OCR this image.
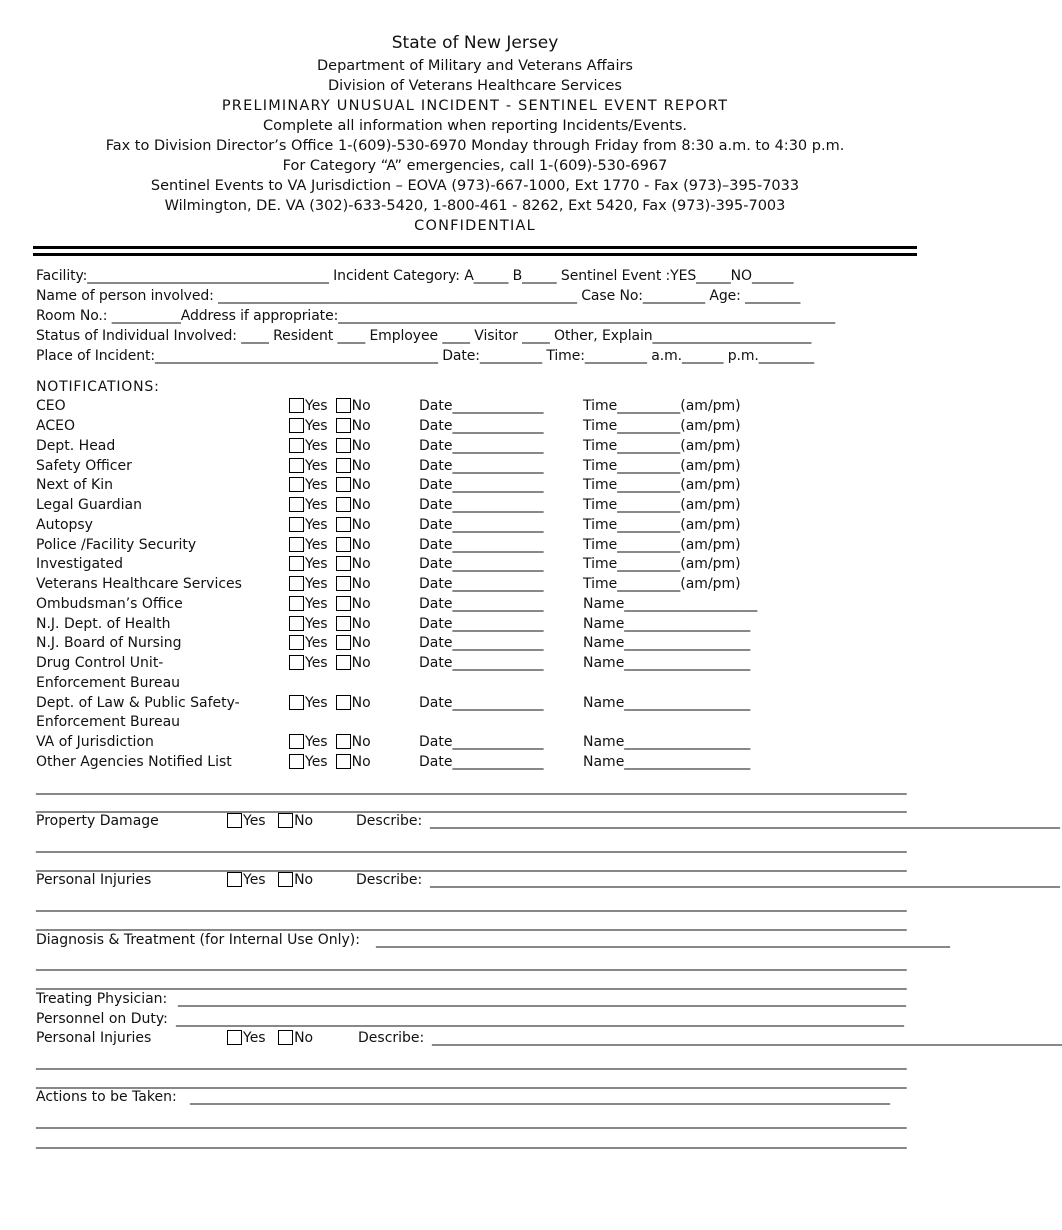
State of New Jersey
Department of Military and Veterans Affairs
Division of Veterans Healthcare Services
PRELIMINARY UNUSUAL INCIDENT - SENTINEL EVENT REPORT
Complete all information when reporting Incidents/Events.
Fax to Division Director’s Office 1-(609)-530-6970 Monday through Friday from 8:30 a.m. to 4:30 p.m.
For Category “A” emergencies, call 1-(609)-530-6967
Sentinel Events to VA Jurisdiction – EOVA (973)-667-1000, Ext 1770 - Fax (973)–395-7033
Wilmington, DE. VA (302)-633-5420, 1-800-461 - 8262, Ext 5420, Fax (973)-395-7003
CONFIDENTIAL
Facility:___________________________________ Incident Category: A_____ B_____ Sentinel Event :YES_____NO______
Name of person involved: ____________________________________________________ Case No:_________ Age: ________
Room No.: __________Address if appropriate:________________________________________________________________________
Status of Individual Involved: ____ Resident ____ Employee ____ Visitor ____ Other, Explain_______________________
Place of Incident:_________________________________________ Date:_________ Time:_________ a.m.______ p.m.________
NOTIFICATIONS:
CEO	Yes No	Date_____________	Time_________(am/pm)
ACEO	Yes No	Date_____________	Time_________(am/pm)
Dept. Head	Yes No	Date_____________	Time_________(am/pm)
Safety Officer	Yes No	Date_____________	Time_________(am/pm)
Next of Kin	Yes No	Date_____________	Time_________(am/pm)
Legal Guardian	Yes No	Date_____________	Time_________(am/pm)
Autopsy	Yes No	Date_____________	Time_________(am/pm)
Police /Facility Security	Yes No	Date_____________	Time_________(am/pm)
Investigated	Yes No	Date_____________	Time_________(am/pm)
Veterans Healthcare Services	Yes No	Date_____________	Time_________(am/pm)
Ombudsman’s Office	Yes No	Date_____________	Name___________________
N.J. Dept. of Health	Yes No	Date_____________	Name__________________
N.J. Board of Nursing	Yes No	Date_____________	Name__________________
Drug Control Unit-	Yes No	Date_____________	Name__________________
Enforcement Bureau
Dept. of Law & Public Safety-	Yes No	Date_____________	Name__________________
Enforcement Bureau
VA of Jurisdiction	Yes No	Date_____________	Name__________________
Other Agencies Notified List	Yes No	Date_____________	Name__________________
________________________________________________________________________________________________________________________________
________________________________________________________________________________________________________________________________
Property Damage	Yes No	Describe: __________________________________________________________________________________________
________________________________________________________________________________________________________________________________
________________________________________________________________________________________________________________________________
Personal Injuries	Yes No	Describe: __________________________________________________________________________________________
________________________________________________________________________________________________________________________________
________________________________________________________________________________________________________________________________
Diagnosis & Treatment (for Internal Use Only): __________________________________________________________________________________
________________________________________________________________________________________________________________________________
________________________________________________________________________________________________________________________________
Treating Physician: ________________________________________________________________________________________________________
Personnel on Duty: ________________________________________________________________________________________________________
Personal Injuries	Yes No	Describe: __________________________________________________________________________________________
________________________________________________________________________________________________________________________________
________________________________________________________________________________________________________________________________
Actions to be Taken: ____________________________________________________________________________________________________
________________________________________________________________________________________________________________________________
________________________________________________________________________________________________________________________________
